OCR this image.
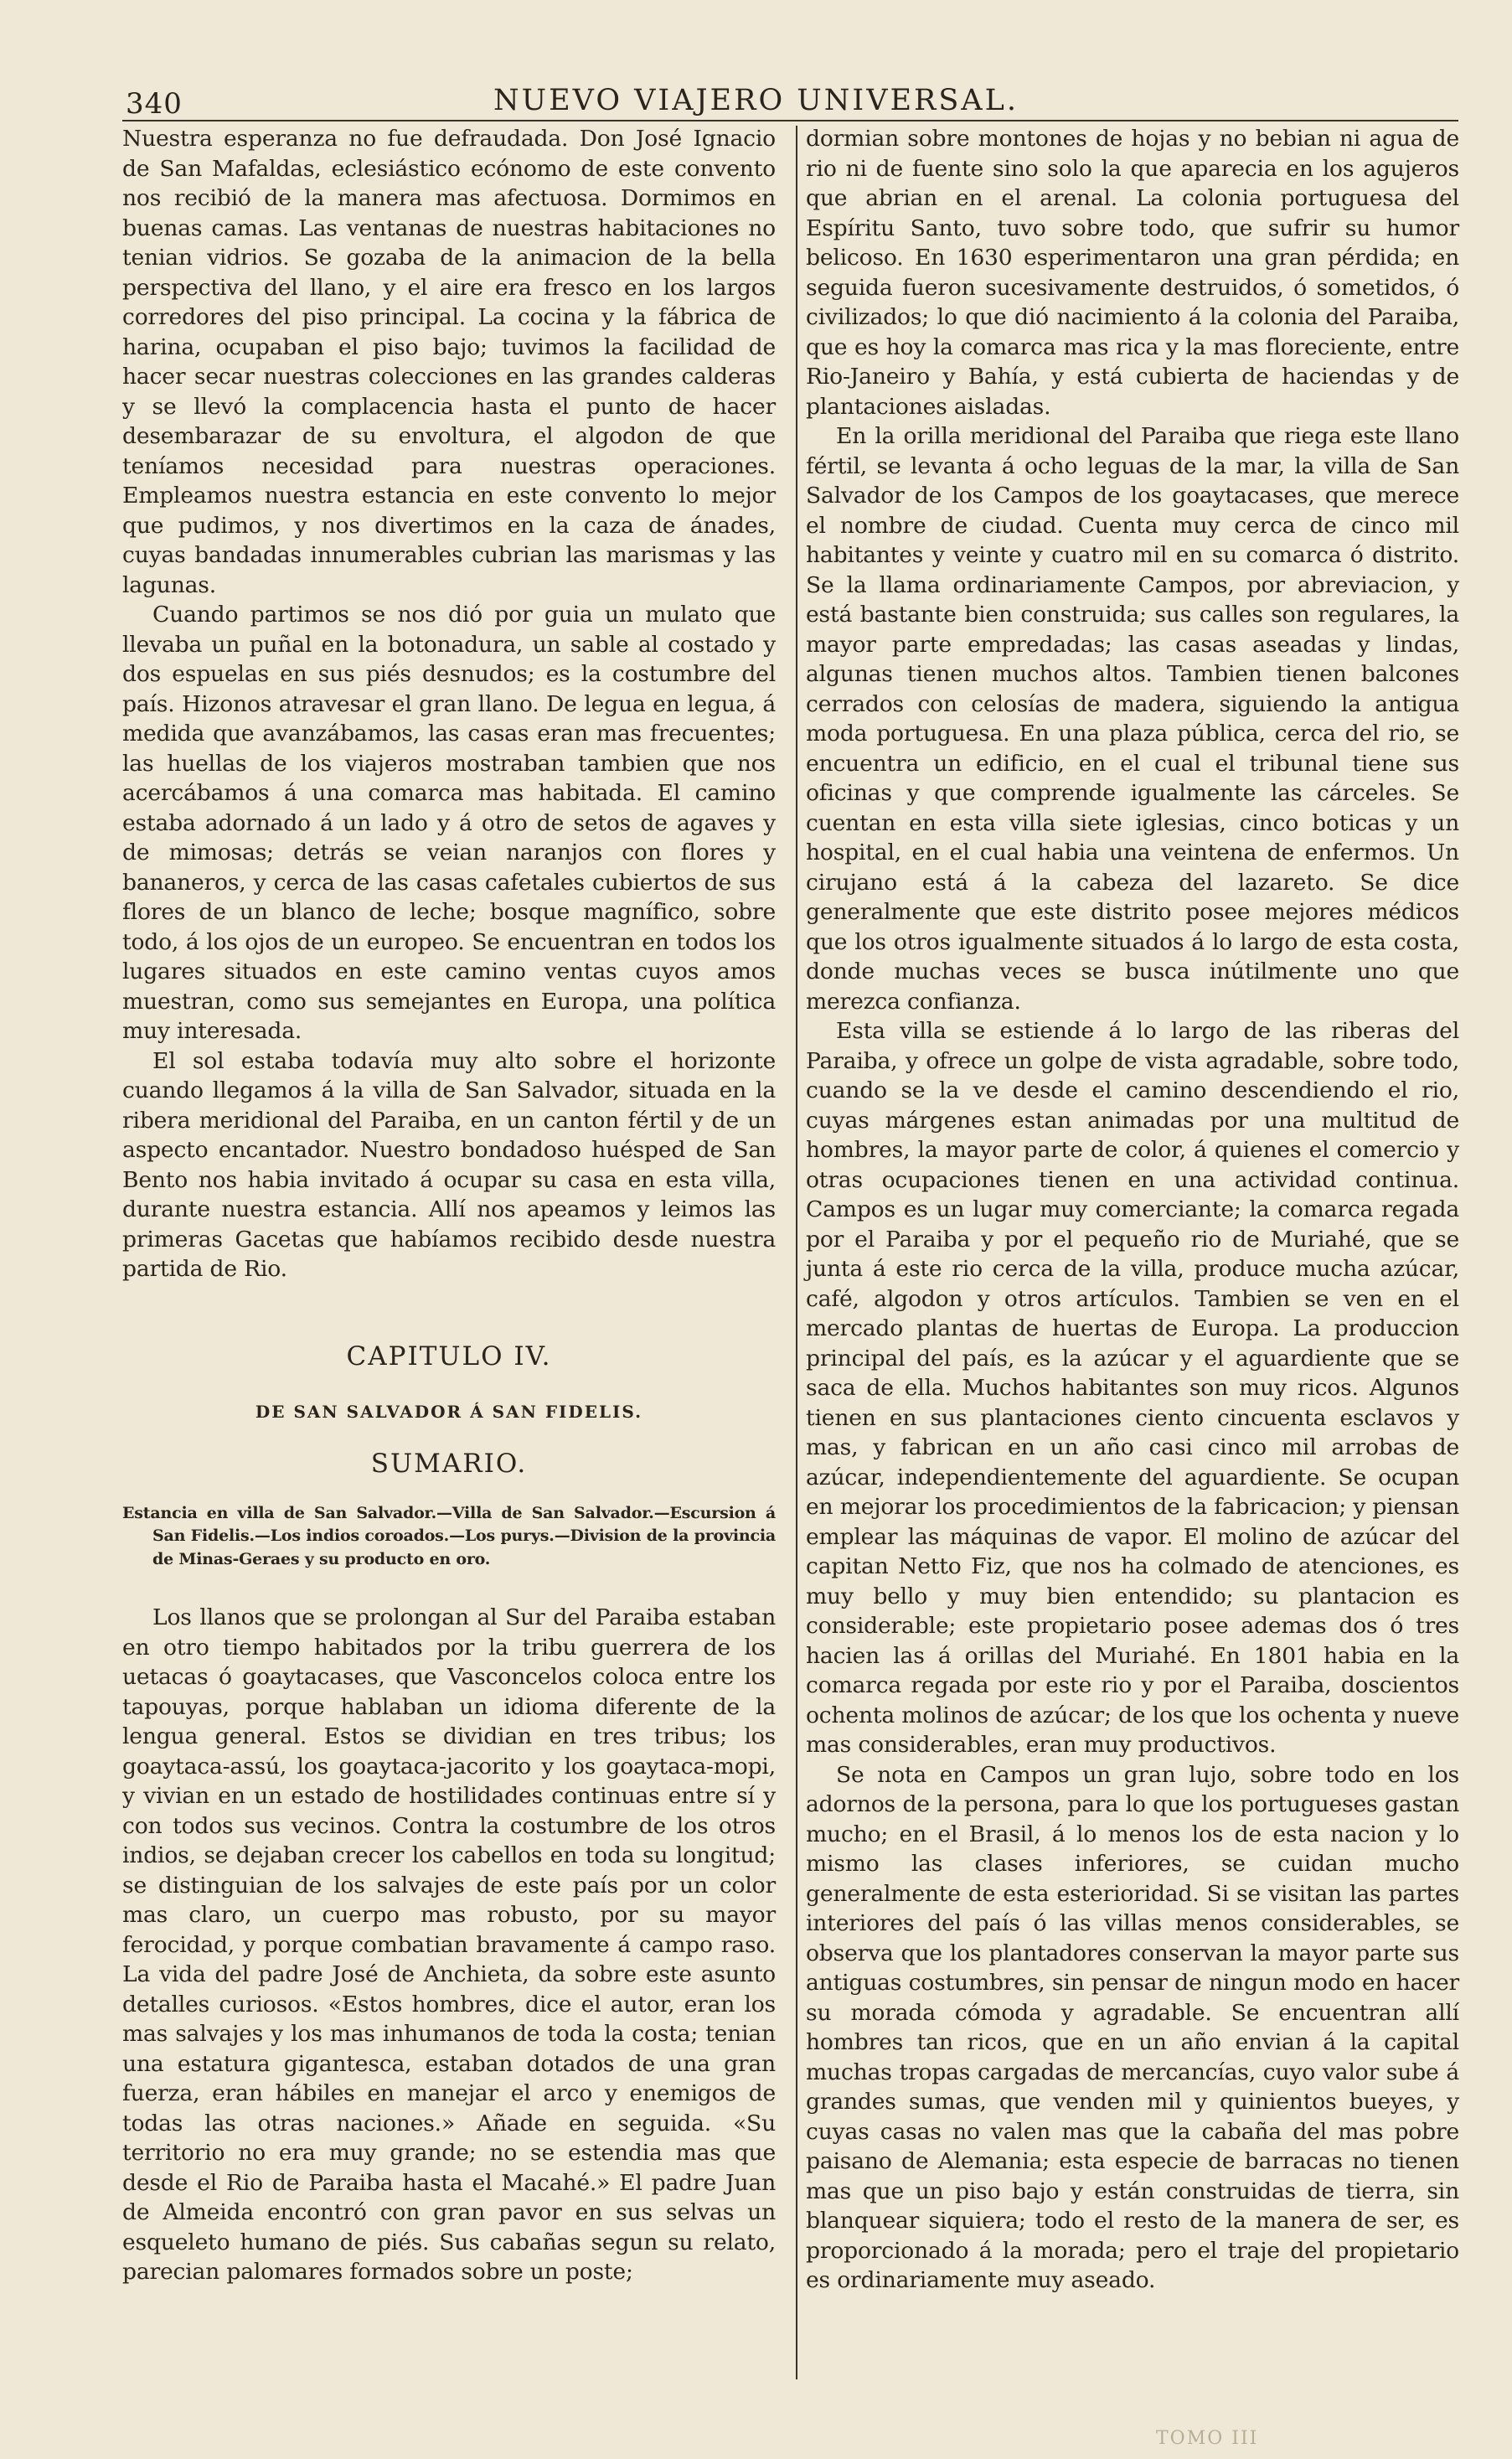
340	NUEVO VIAJERO UNIVERSAL.

Nuestra esperanza no fue defraudada. Don José Ignacio de San Mafaldas, eclesiástico ecónomo de este convento nos recibió de la manera mas afectuosa. Dormimos en buenas camas. Las ventanas de nuestras habitaciones no tenian vidrios. Se gozaba de la animacion de la bella perspectiva del llano, y el aire era fresco en los largos corredores del piso principal. La cocina y la fábrica de harina, ocupaban el piso bajo; tuvimos la facilidad de hacer secar nuestras colecciones en las grandes calderas y se llevó la complacencia hasta el punto de hacer desembarazar de su envoltura, el algodon de que teníamos necesidad para nuestras operaciones. Empleamos nuestra estancia en este convento lo mejor que pudimos, y nos divertimos en la caza de ánades, cuyas bandadas innumerables cubrian las marismas y las lagunas.

Cuando partimos se nos dió por guia un mulato que llevaba un puñal en la botonadura, un sable al costado y dos espuelas en sus piés desnudos; es la costumbre del país. Hizonos atravesar el gran llano. De legua en legua, á medida que avanzábamos, las casas eran mas frecuentes; las huellas de los viajeros mostraban tambien que nos acercábamos á una comarca mas habitada. El camino estaba adornado á un lado y á otro de setos de agaves y de mimosas; detrás se veian naranjos con flores y bananeros, y cerca de las casas cafetales cubiertos de sus flores de un blanco de leche; bosque magnífico, sobre todo, á los ojos de un europeo. Se encuentran en todos los lugares situados en este camino ventas cuyos amos muestran, como sus semejantes en Europa, una política muy interesada.

El sol estaba todavía muy alto sobre el horizonte cuando llegamos á la villa de San Salvador, situada en la ribera meridional del Paraiba, en un canton fértil y de un aspecto encantador. Nuestro bondadoso huésped de San Bento nos habia invitado á ocupar su casa en esta villa, durante nuestra estancia. Allí nos apeamos y leimos las primeras Gacetas que habíamos recibido desde nuestra partida de Rio.

CAPITULO IV.
DE SAN SALVADOR Á SAN FIDELIS.
SUMARIO.

Estancia en villa de San Salvador.—Villa de San Salvador.—Escursion á San Fidelis.—Los indios coroados.—Los purys.—Division de la provincia de Minas-Geraes y su producto en oro.

Los llanos que se prolongan al Sur del Paraiba estaban en otro tiempo habitados por la tribu guerrera de los uetacas ó goaytacases, que Vasconcelos coloca entre los tapouyas, porque hablaban un idioma diferente de la lengua general. Estos se dividian en tres tribus; los goaytaca-assú, los goaytaca-jacorito y los goaytaca-mopi, y vivian en un estado de hostilidades continuas entre sí y con todos sus vecinos. Contra la costumbre de los otros indios, se dejaban crecer los cabellos en toda su longitud; se distinguian de los salvajes de este país por un color mas claro, un cuerpo mas robusto, por su mayor ferocidad, y porque combatian bravamente á campo raso. La vida del padre José de Anchieta, da sobre este asunto detalles curiosos. «Estos hombres, dice el autor, eran los mas salvajes y los mas inhumanos de toda la costa; tenian una estatura gigantesca, estaban dotados de una gran fuerza, eran hábiles en manejar el arco y enemigos de todas las otras naciones.» Añade en seguida. «Su territorio no era muy grande; no se estendia mas que desde el Rio de Paraiba hasta el Macahé.» El padre Juan de Almeida encontró con gran pavor en sus selvas un esqueleto humano de piés. Sus cabañas segun su relato, parecian palomares formados sobre un poste;

dormian sobre montones de hojas y no bebian ni agua de rio ni de fuente sino solo la que aparecia en los agujeros que abrian en el arenal. La colonia portuguesa del Espíritu Santo, tuvo sobre todo, que sufrir su humor belicoso. En 1630 esperimentaron una gran pérdida; en seguida fueron sucesivamente destruidos, ó sometidos, ó civilizados; lo que dió nacimiento á la colonia del Paraiba, que es hoy la comarca mas rica y la mas floreciente, entre Rio-Janeiro y Bahía, y está cubierta de haciendas y de plantaciones aisladas.

En la orilla meridional del Paraiba que riega este llano fértil, se levanta á ocho leguas de la mar, la villa de San Salvador de los Campos de los goaytacases, que merece el nombre de ciudad. Cuenta muy cerca de cinco mil habitantes y veinte y cuatro mil en su comarca ó distrito. Se la llama ordinariamente Campos, por abreviacion, y está bastante bien construida; sus calles son regulares, la mayor parte empredadas; las casas aseadas y lindas, algunas tienen muchos altos. Tambien tienen balcones cerrados con celosías de madera, siguiendo la antigua moda portuguesa. En una plaza pública, cerca del rio, se encuentra un edificio, en el cual el tribunal tiene sus oficinas y que comprende igualmente las cárceles. Se cuentan en esta villa siete iglesias, cinco boticas y un hospital, en el cual habia una veintena de enfermos. Un cirujano está á la cabeza del lazareto. Se dice generalmente que este distrito posee mejores médicos que los otros igualmente situados á lo largo de esta costa, donde muchas veces se busca inútilmente uno que merezca confianza.

Esta villa se estiende á lo largo de las riberas del Paraiba, y ofrece un golpe de vista agradable, sobre todo, cuando se la ve desde el camino descendiendo el rio, cuyas márgenes estan animadas por una multitud de hombres, la mayor parte de color, á quienes el comercio y otras ocupaciones tienen en una actividad continua. Campos es un lugar muy comerciante; la comarca regada por el Paraiba y por el pequeño rio de Muriahé, que se junta á este rio cerca de la villa, produce mucha azúcar, café, algodon y otros artículos. Tambien se ven en el mercado plantas de huertas de Europa. La produccion principal del país, es la azúcar y el aguardiente que se saca de ella. Muchos habitantes son muy ricos. Algunos tienen en sus plantaciones ciento cincuenta esclavos y mas, y fabrican en un año casi cinco mil arrobas de azúcar, independientemente del aguardiente. Se ocupan en mejorar los procedimientos de la fabricacion; y piensan emplear las máquinas de vapor. El molino de azúcar del capitan Netto Fiz, que nos ha colmado de atenciones, es muy bello y muy bien entendido; su plantacion es considerable; este propietario posee ademas dos ó tres hacien las á orillas del Muriahé. En 1801 habia en la comarca regada por este rio y por el Paraiba, doscientos ochenta molinos de azúcar; de los que los ochenta y nueve mas considerables, eran muy productivos.

Se nota en Campos un gran lujo, sobre todo en los adornos de la persona, para lo que los portugueses gastan mucho; en el Brasil, á lo menos los de esta nacion y lo mismo las clases inferiores, se cuidan mucho generalmente de esta esterioridad. Si se visitan las partes interiores del país ó las villas menos considerables, se observa que los plantadores conservan la mayor parte sus antiguas costumbres, sin pensar de ningun modo en hacer su morada cómoda y agradable. Se encuentran allí hombres tan ricos, que en un año envian á la capital muchas tropas cargadas de mercancías, cuyo valor sube á grandes sumas, que venden mil y quinientos bueyes, y cuyas casas no valen mas que la cabaña del mas pobre paisano de Alemania; esta especie de barracas no tienen mas que un piso bajo y están construidas de tierra, sin blanquear siquiera; todo el resto de la manera de ser, es proporcionado á la morada; pero el traje del propietario es ordinariamente muy aseado.

TOMO III
